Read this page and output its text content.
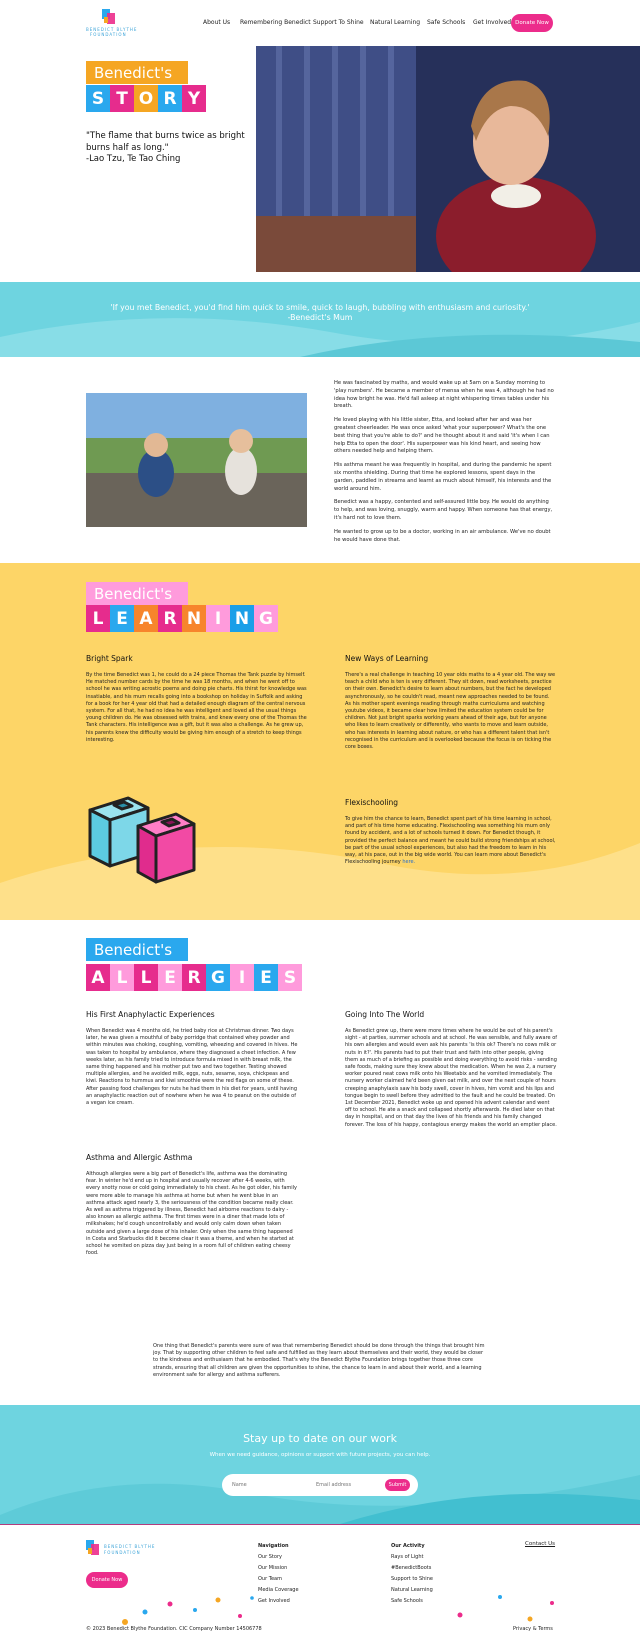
BENEDICT BLYTHE
FOUNDATION
About Us Remembering Benedict Support To Shine Natural Learning Safe Schools Get Involved Donate Now
Benedict's
S T O R Y
"The flame that burns twice as bright burns half as long."
-Lao Tzu, Te Tao Ching
'If you met Benedict, you'd find him quick to smile, quick to laugh, bubbling with enthusiasm and curiosity.'
-Benedict's Mum

He was fascinated by maths, and would wake up at 5am on a Sunday morning to 'play numbers'. He became a member of mensa when he was 4, although he had no idea how bright he was. He'd fall asleep at night whispering times tables under his breath.

He loved playing with his little sister, Etta, and looked after her and was her greatest cheerleader. He was once asked 'what your superpower? What's the one best thing that you're able to do?' and he thought about it and said 'it's when I can help Etta to open the door'. His superpower was his kind heart, and seeing how others needed help and helping them.

His asthma meant he was frequently in hospital, and during the pandemic he spent six months shielding. During that time he explored lessons, spent days in the garden, paddled in streams and learnt as much about himself, his interests and the world around him.

Benedict was a happy, contented and self-assured little boy. He would do anything to help, and was loving, snuggly, warm and happy. When someone has that energy, it's hard not to love them.

He wanted to grow up to be a doctor, working in an air ambulance. We've no doubt he would have done that.

Benedict's
L E A R N I N G
Bright Spark
By the time Benedict was 1, he could do a 24 piece Thomas the Tank puzzle by himself. He matched number cards by the time he was 18 months, and when he went off to school he was writing acrostic poems and doing pie charts. His thirst for knowledge was insatiable, and his mum recalls going into a bookshop on holiday in Suffolk and asking for a book for her 4 year old that had a detailed enough diagram of the central nervous system. For all that, he had no idea he was intelligent and loved all the usual things young children do. He was obsessed with trains, and knew every one of the Thomas the Tank characters. His intelligence was a gift, but it was also a challenge. As he grew up, his parents knew the difficulty would be giving him enough of a stretch to keep things interesting.
New Ways of Learning
There's a real challenge in teaching 10 year olds maths to a 4 year old. The way we teach a child who is ten is very different. They sit down, read worksheets, practice on their own. Benedict's desire to learn about numbers, but the fact he developed asynchronously, so he couldn't read, meant new approaches needed to be found. As his mother spent evenings reading through maths curriculums and watching youtube videos, it became clear how limited the education system could be for children. Not just bright sparks working years ahead of their age, but for anyone who likes to learn creatively or differently, who wants to move and learn outside, who has interests in learning about nature, or who has a different talent that isn't recognised in the curriculum and is overlooked because the focus is on ticking the core boxes.
Flexischooling
To give him the chance to learn, Benedict spent part of his time learning in school, and part of his time home educating. Flexischooling was something his mum only found by accident, and a lot of schools turned it down. For Benedict though, it provided the perfect balance and meant he could build strong friendships at school, be part of the usual school experiences, but also had the freedom to learn in his way, at his pace, out in the big wide world. You can learn more about Benedict's Flexischooling journey here.
Benedict's
A L L E R G I E S
His First Anaphylactic Experiences
When Benedict was 4 months old, he tried baby rice at Christmas dinner. Two days later, he was given a mouthful of baby porridge that contained whey powder and within minutes was choking, coughing, vomiting, wheezing and covered in hives. He was taken to hospital by ambulance, where they diagnosed a cheet infection. A few weeks later, as his family tried to introduce formula mixed in with breast milk, the same thing happened and his mother put two and two together. Testing showed multiple allergies, and he avoided milk, eggs, nuts, sesame, soya, chickpeas and kiwi. Reactions to hummus and kiwi smoothie were the red flags on some of these. After passing food challenges for nuts he had them in his diet for years, until having an anaphylactic reaction out of nowhere when he was 4 to peanut on the outside of a vegan ice cream.
Going Into The World
As Benedict grew up, there were more times where he would be out of his parent's sight - at parties, summer schools and at school. He was sensible, and fully aware of his own allergies and would even ask his parents 'is this ok? There's no cows milk or nuts in it?'. His parents had to put their trust and faith into other people, giving them as much of a briefing as possible and doing everything to avoid risks - sending safe foods, making sure they knew about the medication. When he was 2, a nursery worker poured neat cows milk onto his Weetabix and he vomited immediately. The nursery worker claimed he'd been given oat milk, and over the next couple of hours creeping anaphylaxis saw his body swell, cover in hives, him vomit and his lips and tongue begin to swell before they admitted to the fault and he could be treated. On 1st December 2021, Benedict woke up and opened his advent calendar and went off to school. He ate a snack and collapsed shortly afterwards. He died later on that day in hospital, and on that day the lives of his friends and his family changed forever. The loss of his happy, contagious energy makes the world an emptier place.
Asthma and Allergic Asthma
Although allergies were a big part of Benedict's life, asthma was the dominating fear. In winter he'd end up in hospital and usually recover after 4-6 weeks, with every snotty nose or cold going immediately to his chest. As he got older, his family were more able to manage his asthma at home but when he went blue in an asthma attack aged nearly 3, the seriousness of the condition became really clear. As well as asthma triggered by illness, Benedict had airborne reactions to dairy - also known as allergic asthma. The first times were in a diner that made lots of milkshakes; he'd cough uncontrollably and would only calm down when taken outside and given a large dose of his inhaler. Only when the same thing happened in Costa and Starbucks did it become clear it was a theme, and when he started at school he vomited on pizza day just being in a room full of children eating cheesy food.
One thing that Benedict's parents were sure of was that remembering Benedict should be done through the things that brought him joy. That by supporting other children to feel safe and fulfilled as they learn about themselves and their world, they would be closer to the kindness and enthusiasm that he embodied. That's why the Benedict Blythe Foundation brings together those three core strands, ensuring that all children are given the opportunities to shine, the chance to learn in and about their world, and a learning environment safe for allergy and asthma sufferers.
Stay up to date on our work
When we need guidance, opinions or support with future projects, you can help.
Name
Email address
Submit
BENEDICT BLYTHE
FOUNDATION
Donate Now
Navigation
Our Story
Our Mission
Our Team
Media Coverage
Get Involved
Our Activity
Rays of Light
#BenedictBoots
Support to Shine
Natural Learning
Safe Schools
Contact Us
© 2023 Benedict Blythe Foundation. CIC Company Number 14506778	Privacy & Terms
